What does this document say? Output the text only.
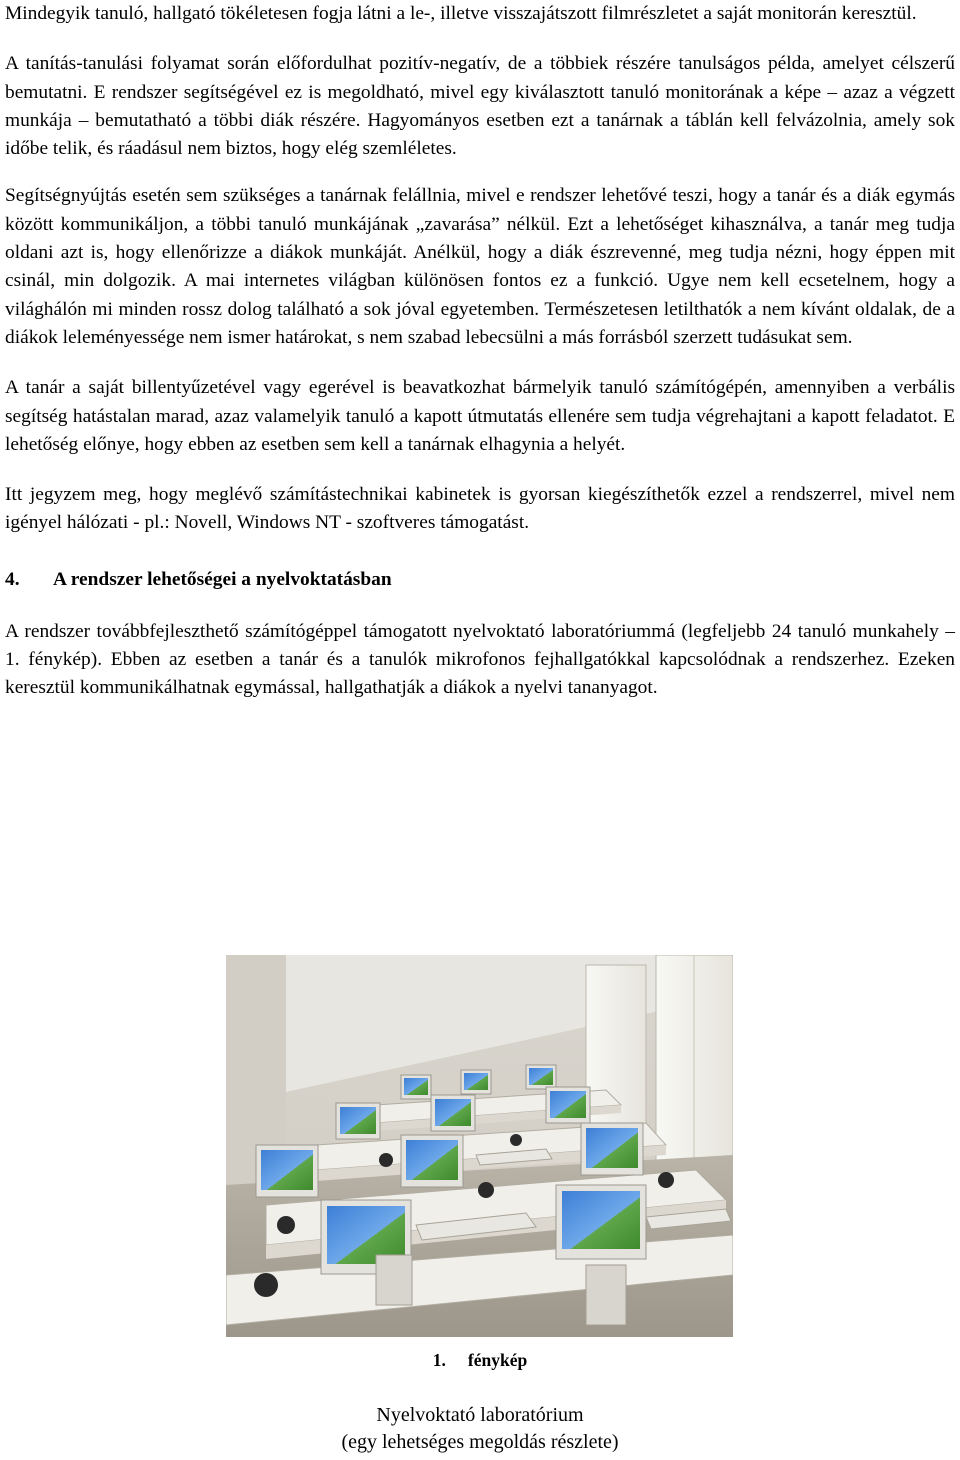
Mindegyik tanuló, hallgató tökéletesen fogja látni a le-, illetve visszajátszott filmrészletet a saját monitorán keresztül.

A tanítás-tanulási folyamat során előfordulhat pozitív-negatív, de a többiek részére tanulságos példa, amelyet célszerű bemutatni. E rendszer segítségével ez is megoldható, mivel egy kiválasztott tanuló monitorának a képe – azaz a végzett munkája – bemutatható a többi diák részére. Hagyományos esetben ezt a tanárnak a táblán kell felvázolnia, amely sok időbe telik, és ráadásul nem biztos, hogy elég szemléletes.

Segítségnyújtás esetén sem szükséges a tanárnak felállnia, mivel e rendszer lehetővé teszi, hogy a tanár és a diák egymás között kommunikáljon, a többi tanuló munkájának „zavarása” nélkül. Ezt a lehetőséget kihasználva, a tanár meg tudja oldani azt is, hogy ellenőrizze a diákok munkáját. Anélkül, hogy a diák észrevenné, meg tudja nézni, hogy éppen mit csinál, min dolgozik. A mai internetes világban különösen fontos ez a funkció. Ugye nem kell ecsetelnem, hogy a világhálón mi minden rossz dolog található a sok jóval egyetemben. Természetesen letilthatók a nem kívánt oldalak, de a diákok leleményessége nem ismer határokat, s nem szabad lebecsülni a más forrásból szerzett tudásukat sem.

A tanár a saját billentyűzetével vagy egerével is beavatkozhat bármelyik tanuló számítógépén, amennyiben a verbális segítség hatástalan marad, azaz valamelyik tanuló a kapott útmutatás ellenére sem tudja végrehajtani a kapott feladatot. E lehetőség előnye, hogy ebben az esetben sem kell a tanárnak elhagynia a helyét.

Itt jegyzem meg, hogy meglévő számítástechnikai kabinetek is gyorsan kiegészíthetők ezzel a rendszerrel, mivel nem igényel hálózati - pl.: Novell, Windows NT - szoftveres támogatást.

4.	A rendszer lehetőségei a nyelvoktatásban

A rendszer továbbfejleszthető számítógéppel támogatott nyelvoktató laboratóriummá (legfeljebb 24 tanuló munkahely – 1. fénykép). Ebben az esetben a tanár és a tanulók mikrofonos fejhallgatókkal kapcsolódnak a rendszerhez. Ezeken keresztül kommunikálhatnak egymással, hallgathatják a diákok a nyelvi tananyagot.

1. fénykép
Nyelvoktató laboratórium
(egy lehetséges megoldás részlete)
